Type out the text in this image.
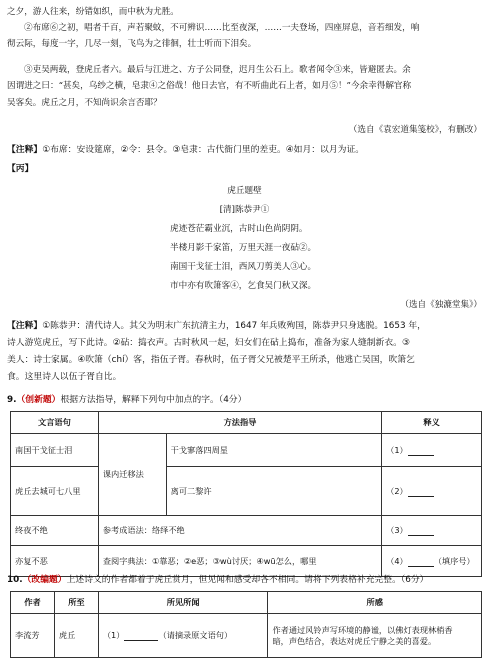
之夕，游人往来，纷错如织，而中秋为尤胜。
②布席⑥之初，唱者千百，声若聚蚊，不可辨识……比至夜深，……一夫登场，四座屏息，音若细发，响
彻云际，每度一字，几尽一刻，飞鸟为之徘徊，壮士听而下泪矣。
③吏吴两载，登虎丘者六。最后与江进之、方子公同登，迟月生公石上。歌者闻令③来，皆避匿去。余
因谓进之曰：“甚矣，乌纱之横，皂隶④之俗哉！他日去官，有不听曲此石上者，如月⑤！”今余幸得解官称
吴客矣。虎丘之月，不知尚识余言否耶？
（选自《袁宏道集笺校》，有删改）
【注释】①布席：安设筵席，②令：县令。③皂隶：古代衙门里的差吏。④如月：以月为证。
【丙】
虎丘题壁
[清]陈恭尹①
虎迹苍茫霸业沉，古时山色尚阴阴。
半楼月影千家笛，万里天涯一夜砧②。
南国干戈征士泪，西风刀剪美人③心。
市中亦有吹箫客④，乞食吴门秋又深。
（选自《独漉堂集》）
【注释】①陈恭尹：清代诗人。其父为明末广东抗清主力，1647 年兵败殉国，陈恭尹只身逃脱。1653 年，
诗人游览虎丘，写下此诗。②砧：捣衣声。古时秋风一起，妇女们在砧上捣布，准备为家人缝制新衣。③
美人：诗士家属。④吹箫（chí）客，指伍子胥。春秋时，伍子胥父兄被楚平王所杀，他逃亡吴国，吹箫乞
食。这里诗人以伍子胥自比。
9.（创新题）根据方法指导，解释下列句中加点的字。（4分）
文言语句	方法指导		释义
南国干戈征士泪	课内迁移法	干戈寥落四周星	（1）
虎丘去城可七八里		离可二黎许	（2）
终夜不绝	参考成语法：络绎不绝		（3）
亦复不恶	查阅字典法：①靠恶；②e恶；③wù讨厌；④wū怎么，哪里		（4） （填序号）
10.（改编题）上述诗文的作者都着于虎丘赏月，但见闻和感受却各不相同。请将下列表格补充完整。（6分）
作者	所至	所见所闻	所感
李流芳	虎丘	（1） （请摘录原文语句）	作者通过风铃声写环境的静谧，以佛灯表现林梢香
暗，声色结合，表达对虎丘宁静之美的喜爱。
